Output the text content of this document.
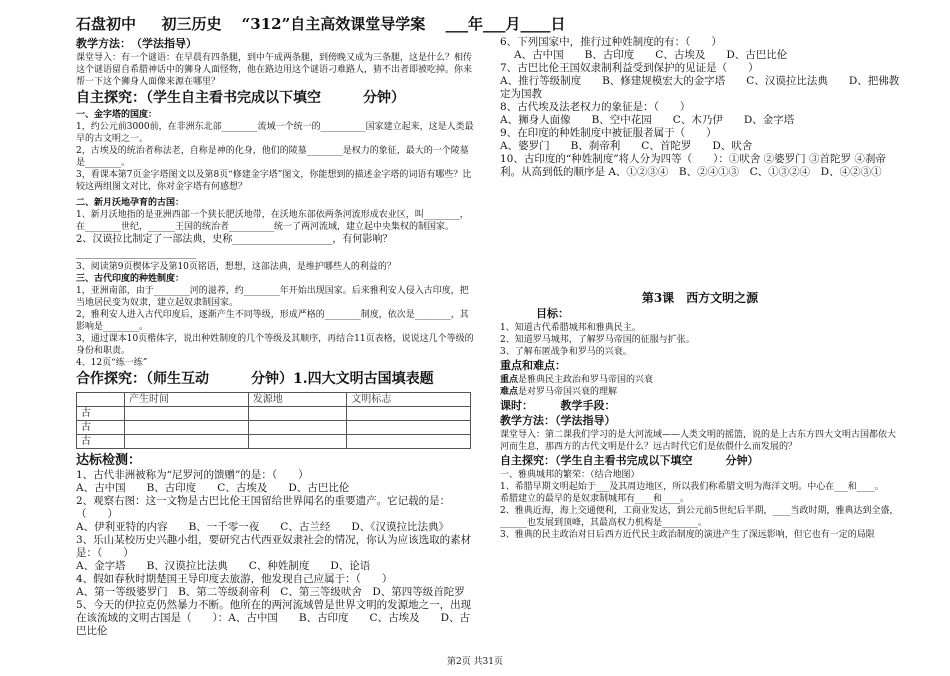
石盘初中 　 初三历史 　“312”自主高效课堂导学案　 ___年___月____日
教学方法：　（学法指导）

课堂导入：有一个谜语：在早晨有四条腿，到中午成两条腿，到傍晚又成为三条腿，这是什么？相传这个谜语留自希腊神话中的狮身人面怪物，他在路边用这个谜语刁难路人，猜不出者即被吃掉。你来帮一下这个狮身人面像来源在哪里？

自主探究：（学生自主看书完成以下填空　　　分钟）
一、金字塔的国度：

1，约公元前3000前，在非洲东北部________流域一个统一的__________国家建立起来，这是人类最早的古文明之一。

2，古埃及的统治者称法老，自称是神的化身，他们的陵墓________是权力的象征，最大的一个陵墓是________。

3，看课本第7页金字塔图文以及第8页“修建金字塔”图文，你能想到的描述金字塔的词语有哪些？比较这两组图文对比，你对金字塔有何感想？

二、新月沃地孕育的古国：

1、新月沃地指的是亚洲西部一个狭长肥沃地带，在沃地东部依两条河流形成农业区，叫________，在________世纪，______王国的统治者__________统一了两河流域，建立起中央集权的制国家。

2、汉谟拉比制定了一部法典，史称____________________，有何影响？________________________

3、阅读第9页楔体字及第10页铭语，想想，这部法典，是维护哪些人的利益的？

三、古代印度的种姓制度：

1，亚洲南部，由于________河的滋养，约________年开始出现国家。后来雅利安人侵入古印度，把当地居民变为奴隶，建立起奴隶制国家。

2，雅利安人进入古代印度后，逐渐产生不同等级，形成严格的________制度，依次是________，其影响是________。

3，通过课本10页楷体字，说出种姓制度的几个等级及其顺序，再结合11页表格，说说这几个等级的身份和职责。

4、12页“练一练”

合作探究：（师生互动　　　分钟）1.四大文明古国填表题
	产生时间	发源地	文明标志
古			
古			
古			
达标检测：

1、古代非洲被称为“尼罗河的馈赠”的是：（　　）

A、古中国　　B、古印度　　C、古埃及　　D、古巴比伦

2、观察右图：这一文物是古巴比伦王国留给世界闻名的重要遗产。它记载的是：（　　）

A、伊利亚特的内容　　B、一千零一夜　　C、古兰经　　D、《汉谟拉比法典》

3、乐山某校历史兴趣小组，要研究古代西亚奴隶社会的情况，你认为应该选取的素材是：（　　）

A、金字塔　　B、汉谟拉比法典　　C、种姓制度　　D、论语

4、假如春秋时期楚国王导印度去旅游，他发现自己应属于：（　　）

A、第一等级婆罗门　B、第二等级刹帝利　C、第三等级吠舍　D、第四等级首陀罗

5、今天的伊拉克仍然暴力不断。他所在的两河流域曾是世界文明的发源地之一，出现在该流域的文明古国是（　　）：A、古中国　　B、古印度　　C、古埃及　　D、古巴比伦

6、下列国家中，推行过种姓制度的有：（　　）

A、古中国　　B、古印度　　C、古埃及　　D、古巴比伦

7、古巴比伦王国奴隶制利益受到保护的见证是（　　）

A、推行等级制度　　B、修建规模宏大的金字塔　　C、汉谟拉比法典　　D、把佛教定为国教

8、古代埃及法老权力的象征是：（　　）

A、狮身人面像　　B、空中花园　　C、木乃伊　　D、金字塔

9、在印度的种姓制度中被征服者属于（　　）

A、婆罗门　　B、刹帝利　　C、首陀罗　　D、吠舍

10、古印度的“种姓制度”将人分为四等（　　）：①吠舍 ②婆罗门 ③首陀罗 ④刹帝利。从高到低的顺序是 A、①②③④　B、②④①③　C、①③②④　D、④②③①

第3课　西方文明之源
目标：

1、知道古代希腊城邦和雅典民主。

2、知道罗马城邦，了解罗马帝国的征服与扩张。

3、了解布匿战争和罗马的兴衰。

重点和难点：

重点是雅典民主政治和罗马帝国的兴衰

难点是对罗马帝国兴衰的理解

课时：　　　教学手段：
教学方法：（学法指导）

课堂导入：第二课我们学习的是大河流域——人类文明的摇篮，说的是上古东方四大文明古国都依大河而生息，那西方的古代文明是什么？远古时代它们是依偎什么而发展的？

自主探究：（学生自主看书完成以下填空　　　分钟）

一、雅典城邦的繁荣：（结合地图）

1、希腊早期文明起始于___及其周边地区，所以我们称希腊文明为海洋文明。中心在___和____。

希腊建立的最早的是奴隶制城邦有____和____。

2、雅典近海，海上交通便利，工商业发达，到公元前5世纪后半期，____当政时期，雅典达到全盛，______也发展到顶峰，其最高权力机构是________。

3、雅典的民主政治对日后西方近代民主政治制度的演进产生了深远影响，但它也有一定的局限

第2页 共31页
